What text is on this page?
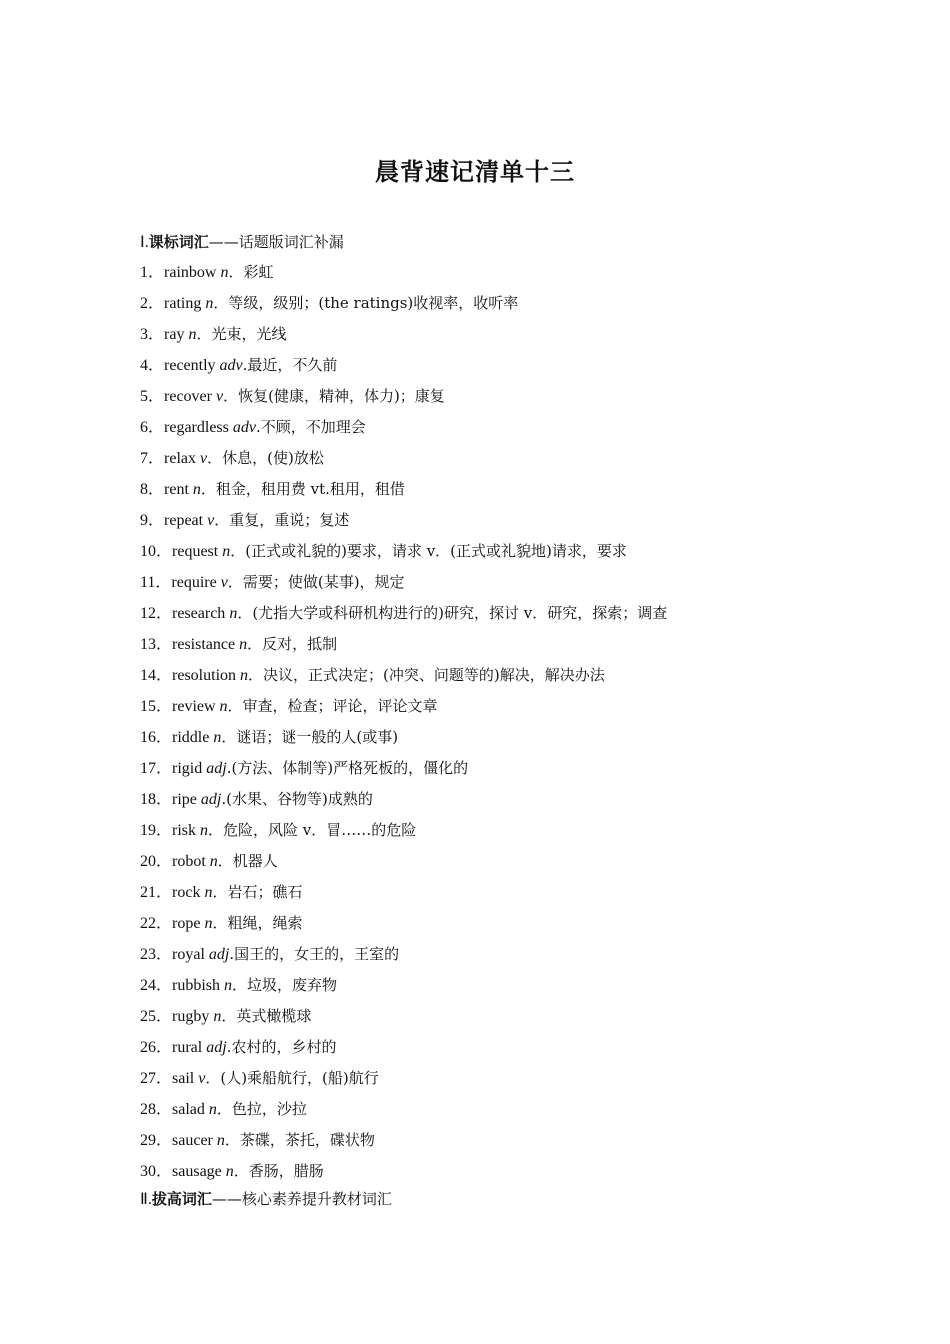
晨背速记清单十三
Ⅰ.课标词汇——话题版词汇补漏
1．rainbow n．彩虹
2．rating n．等级，级别；(the ratings)收视率，收听率
3．ray n．光束，光线
4．recently adv.最近，不久前
5．recover v．恢复(健康，精神，体力)；康复
6．regardless adv.不顾，不加理会
7．relax v．休息，(使)放松
8．rent n．租金，租用费 vt.租用，租借
9．repeat v．重复，重说；复述
10．request n．(正式或礼貌的)要求，请求 v．(正式或礼貌地)请求，要求
11．require v．需要；使做(某事)，规定
12．research n．(尤指大学或科研机构进行的)研究，探讨 v．研究，探索；调查
13．resistance n．反对，抵制
14．resolution n．决议，正式决定；(冲突、问题等的)解决，解决办法
15．review n．审查，检查；评论，评论文章
16．riddle n．谜语；谜一般的人(或事)
17．rigid adj.(方法、体制等)严格死板的，僵化的
18．ripe adj.(水果、谷物等)成熟的
19．risk n．危险，风险 v．冒……的危险
20．robot n．机器人
21．rock n．岩石；礁石
22．rope n．粗绳，绳索
23．royal adj.国王的，女王的，王室的
24．rubbish n．垃圾，废弃物
25．rugby n．英式橄榄球
26．rural adj.农村的，乡村的
27．sail v．(人)乘船航行，(船)航行
28．salad n．色拉，沙拉
29．saucer n．茶碟，茶托，碟状物
30．sausage n．香肠，腊肠
Ⅱ.拔高词汇——核心素养提升教材词汇
